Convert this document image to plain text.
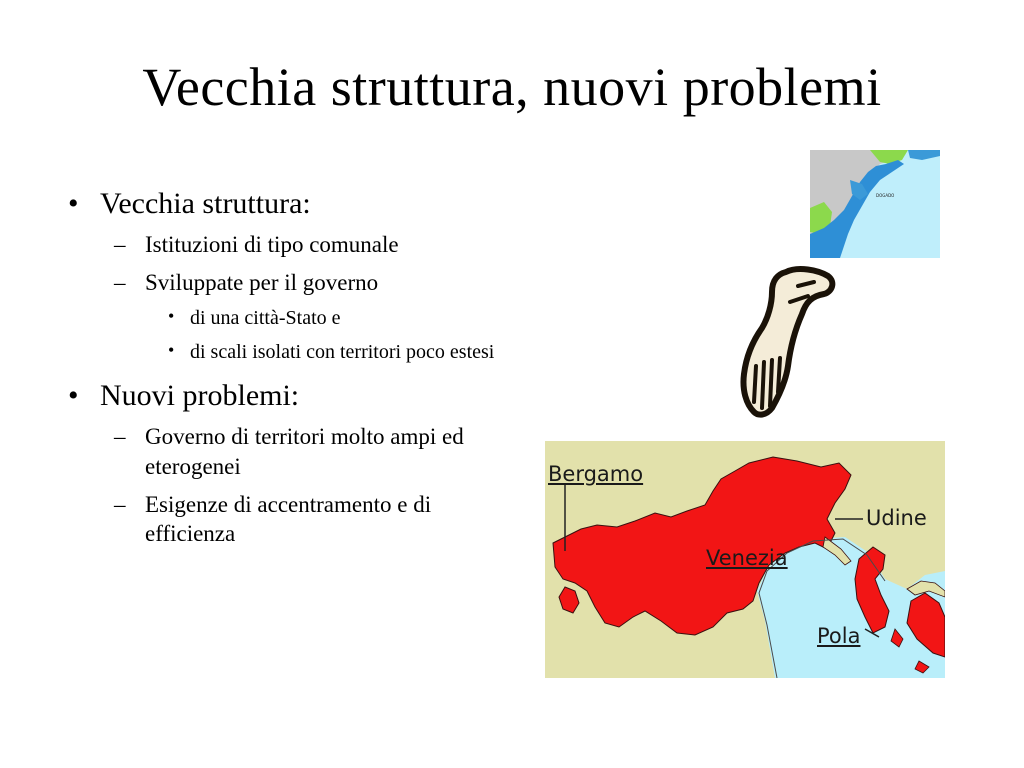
Vecchia struttura, nuovi problemi
• Vecchia struttura:
– Istituzioni di tipo comunale
– Sviluppate per il governo
• di una città-Stato e
• di scali isolati con territori poco estesi
• Nuovi problemi:
– Governo di territori molto ampi ed eterogenei
– Esigenze di accentramento e di efficienza
DOGADO
Bergamo
Udine
Venezia
Pola
